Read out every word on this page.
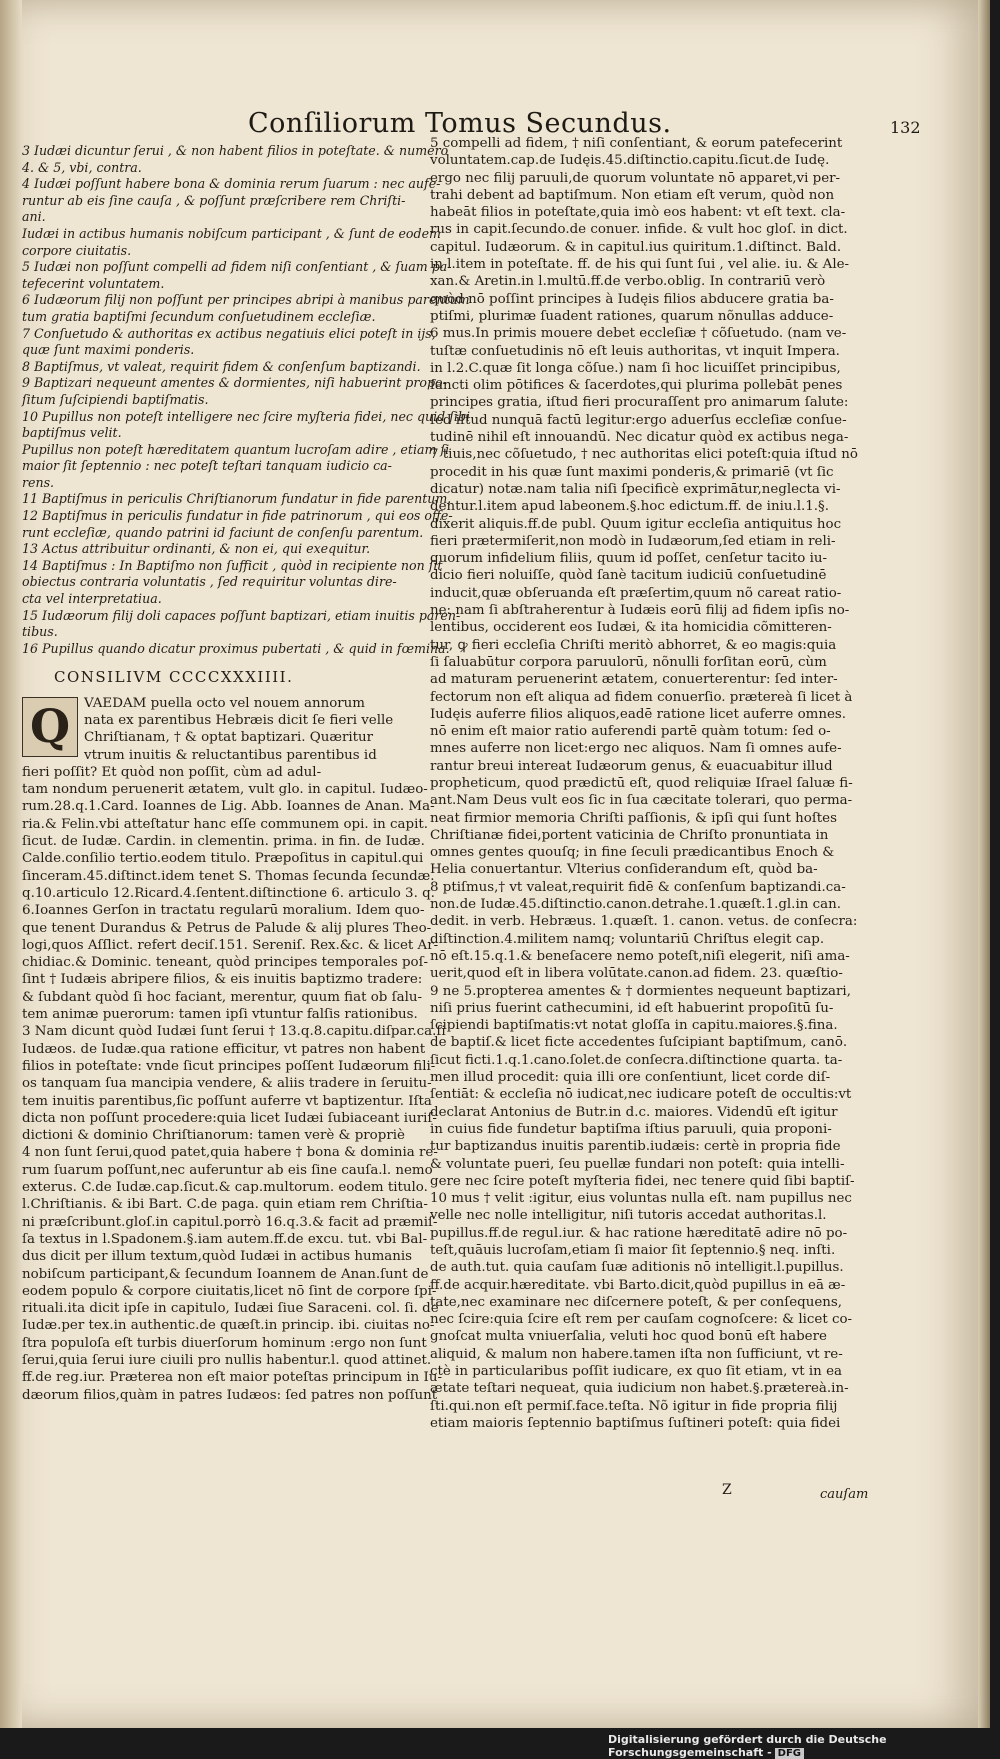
Conſiliorum Tomus Secundus.	132
3 Iudæi dicuntur ſerui , & non habent filios in poteſtate. & numero
4. & 5, vbi, contra.
4 Iudæi poſſunt habere bona & dominia rerum ſuarum : nec aufe-
runtur ab eis ſine cauſa , & poſſunt præſcribere rem Chriſti-
ani.
Iudæi in actibus humanis nobiſcum participant , & ſunt de eodem
corpore ciuitatis.
5 Iudæi non poſſunt compelli ad fidem niſi conſentiant , & ſuam pa-
tefecerint voluntatem.
6 Iudæorum filij non poſſunt per principes abripi à manibus parentum
tum gratia baptiſmi ſecundum conſuetudinem eccleſiæ.
7 Conſuetudo & authoritas ex actibus negatiuis elici poteſt in ijs,
quæ ſunt maximi ponderis.
8 Baptiſmus, vt valeat, requirit fidem & conſenſum baptizandi.
9 Baptizari nequeunt amentes & dormientes, niſi habuerint propo-
ſitum ſuſcipiendi baptiſmatis.
10 Pupillus non poteſt intelligere nec ſcire myſteria fidei, nec quid ſibi
baptiſmus velit.
Pupillus non poteſt hæreditatem quantum lucroſam adire , etiam ſi
maior ſit ſeptennio : nec poteſt teſtari tanquam iudicio ca-
rens.
11 Baptiſmus in periculis Chriſtianorum fundatur in fide parentum.
12 Baptiſmus in periculis fundatur in fide patrinorum , qui eos offe-
runt eccleſiæ, quando patrini id faciunt de conſenſu parentum.
13 Actus attribuitur ordinanti, & non ei, qui exequitur.
14 Baptiſmus : In Baptiſmo non ſufficit , quòd in recipiente non ſit
obiectus contraria voluntatis , ſed requiritur voluntas dire-
cta vel interpretatiua.
15 Iudæorum filij doli capaces poſſunt baptizari, etiam inuitis paren-
tibus.
16 Pupillus quando dicatur proximus pubertati , & quid in fœmina.
CONSILIVM CCCCXXXIIII.
Q	VAEDAM puella octo vel nouem annorum
nata ex parentibus Hebræis dicit ſe fieri velle
Chriſtianam, † & optat baptizari. Quæritur
vtrum inuitis & reluctantibus parentibus id
fieri poſſit? Et quòd non poſſit, cùm ad adul-
tam nondum peruenerit ætatem, vult glo. in capitul. Iudæo-
rum.28.q.1.Card. Ioannes de Lig. Abb. Ioannes de Anan. Ma-
ria.& Felin.vbi atteſtatur hanc eſſe communem opi. in capit.
ſicut. de Iudæ. Cardin. in clementin. prima. in fin. de Iudæ.
Calde.conſilio tertio.eodem titulo. Præpoſitus in capitul.qui
ſinceram.45.diſtinct.idem tenet S. Thomas ſecunda ſecundæ.
q.10.articulo 12.Ricard.4.ſentent.diſtinctione 6. articulo 3. q.
6.Ioannes Gerſon in tractatu regularū moralium. Idem quo-
que tenent Durandus & Petrus de Palude & alij plures Theo-
logi,quos Aſſlict. refert deciſ.151. Sereniſ. Rex.&c. & licet Ar-
chidiac.& Dominic. teneant, quòd principes temporales poſ-
ſint † Iudæis abripere filios, & eis inuitis baptizmo tradere:
& ſubdant quòd ſi hoc faciant, merentur, quum fiat ob ſalu-
tem animæ puerorum: tamen ipſi vtuntur falſis rationibus.
3 Nam dicunt quòd Iudæi ſunt ſerui † 13.q.8.capitu.diſpar.ca.ſi
Iudæos. de Iudæ.qua ratione efficitur, vt patres non habent
filios in poteſtate: vnde ſicut principes poſſent Iudæorum fili-
os tanquam ſua mancipia vendere, & aliis tradere in ſeruitu-
tem inuitis parentibus,ſic poſſunt auferre vt baptizentur. Iſta
dicta non poſſunt procedere:quia licet Iudæi ſubiaceant iuriſ-
dictioni & dominio Chriſtianorum: tamen verè & propriè
4 non ſunt ſerui,quod patet,quia habere † bona & dominia re-
rum ſuarum poſſunt,nec auferuntur ab eis ſine cauſa.l. nemo
exterus. C.de Iudæ.cap.ſicut.& cap.multorum. eodem titulo.
l.Chriſtianis. & ibi Bart. C.de paga. quin etiam rem Chriſtia-
ni præſcribunt.gloſ.in capitul.porrò 16.q.3.& facit ad præmiſ-
ſa textus in l.Spadonem.§.iam autem.ff.de excu. tut. vbi Bal-
dus dicit per illum textum,quòd Iudæi in actibus humanis
nobiſcum participant,& ſecundum Ioannem de Anan.ſunt de
eodem populo & corpore ciuitatis,licet nō ſint de corpore ſpi-
rituali.ita dicit ipſe in capitulo, Iudæi ſiue Saraceni. col. ſi. de
Iudæ.per tex.in authentic.de quæſt.in princip. ibi. ciuitas no-
ſtra populoſa eſt turbis diuerſorum hominum :ergo non ſunt
ſerui,quia ſerui iure ciuili pro nullis habentur.l. quod attinet.
ff.de reg.iur. Præterea non eſt maior poteſtas principum in Iu-
dæorum filios,quàm in patres Iudæos: ſed patres non poſſunt
5 compelli ad fidem, † niſi conſentiant, & eorum patefecerint
voluntatem.cap.de Iudęis.45.diſtinctio.capitu.ſicut.de Iudę.
ergo nec filij paruuli,de quorum voluntate nō apparet,vi per-
trahi debent ad baptiſmum. Non etiam eſt verum, quòd non
habeāt filios in poteſtate,quia imò eos habent: vt eſt text. cla-
rus in capit.ſecundo.de conuer. infide. & vult hoc gloſ. in dict.
capitul. Iudæorum. & in capitul.ius quiritum.1.diſtinct. Bald.
in l.item in poteſtate. ff. de his qui ſunt ſui , vel alie. iu. & Ale-
xan.& Aretin.in l.multū.ff.de verbo.oblig. In contrariū verò
quòd nō poſſint principes à Iudęis filios abducere gratia ba-
ptiſmi, plurimæ ſuadent rationes, quarum nõnullas adduce-
6 mus.In primis mouere debet eccleſiæ † cõſuetudo. (nam ve-
tuſtæ conſuetudinis nō eſt leuis authoritas, vt inquit Impera.
in l.2.C.quæ ſit longa cõſue.) nam ſi hoc licuiſſet principibus,
ſancti olim pōtifices & ſacerdotes,qui plurima pollebāt penes
principes gratia, iſtud fieri procuraſſent pro animarum ſalute:
ſed iſtud nunquā factū legitur:ergo aduerſus eccleſiæ conſue-
tudinē nihil eſt innouandū. Nec dicatur quòd ex actibus nega-
7 tiuis,nec cõſuetudo, † nec authoritas elici poteſt:quia iſtud nō
procedit in his quæ ſunt maximi ponderis,& primariē (vt ſic
dicatur) notæ.nam talia niſi ſpecificè exprimātur,neglecta vi-
dentur.l.item apud labeonem.§.hoc edictum.ff. de iniu.l.1.§.
dixerit aliquis.ff.de publ. Quum igitur eccleſia antiquitus hoc
fieri prætermiſerit,non modò in Iudæorum,ſed etiam in reli-
quorum infidelium filiis, quum id poſſet, cenſetur tacito iu-
dicio fieri noluiſſe, quòd ſanè tacitum iudiciū conſuetudinē
inducit,quæ obſeruanda eſt præſertim,quum nõ careat ratio-
ne: nam ſi abſtraherentur à Iudæis eorū filij ad fidem ipſis no-
lentibus, occiderent eos Iudæi, & ita homicidia cõmitteren-
tur, ꝙ fieri eccleſia Chriſti meritò abhorret, & eo magis:quia
ſi ſaluabūtur corpora paruulorū, nõnulli forſitan eorū, cùm
ad maturam peruenerint ætatem, conuerterentur: ſed inter-
fectorum non eſt aliqua ad fidem conuerſio. prætereà ſi licet à
Iudęis auferre filios aliquos,eadē ratione licet auferre omnes.
nō enim eſt maior ratio auferendi partē quàm totum: ſed o-
mnes auferre non licet:ergo nec aliquos. Nam ſi omnes aufe-
rantur breui intereat Iudæorum genus, & euacuabitur illud
propheticum, quod prædictū eſt, quod reliquiæ Iſrael ſaluæ fi-
ant.Nam Deus vult eos ſic in ſua cæcitate tolerari, quo perma-
neat firmior memoria Chriſti paſſionis, & ipſi qui ſunt hoſtes
Chriſtianæ fidei,portent vaticinia de Chriſto pronuntiata in
omnes gentes quouſq; in fine ſeculi prædicantibus Enoch &
Helia conuertantur. Vlterius conſiderandum eſt, quòd ba-
8 ptiſmus,† vt valeat,requirit fidē & conſenſum baptizandi.ca-
non.de Iudæ.45.diſtinctio.canon.detrahe.1.quæſt.1.gl.in can.
dedit. in verb. Hebræus. 1.quæſt. 1. canon. vetus. de conſecra:
diſtinction.4.militem namq; voluntariū Chriſtus elegit cap.
nō eſt.15.q.1.& beneſacere nemo poteſt,niſi elegerit, niſi ama-
uerit,quod eſt in libera volūtate.canon.ad fidem. 23. quæſtio-
9 ne 5.propterea amentes & † dormientes nequeunt baptizari,
niſi prius fuerint cathecumini, id eſt habuerint propoſitū ſu-
ſcipiendi baptiſmatis:vt notat gloſſa in capitu.maiores.§.fina.
de baptiſ.& licet ficte accedentes ſuſcipiant baptiſmum, canō.
ſicut ficti.1.q.1.cano.ſolet.de conſecra.diſtinctione quarta. ta-
men illud procedit: quia illi ore conſentiunt, licet corde diſ-
ſentiāt: & eccleſia nō iudicat,nec iudicare poteſt de occultis:vt
declarat Antonius de Butr.in d.c. maiores. Videndū eſt igitur
in cuius fide fundetur baptiſma iſtius paruuli, quia proponi-
tur baptizandus inuitis parentib.iudæis: certè in propria fide
& voluntate pueri, ſeu puellæ fundari non poteſt: quia intelli-
gere nec ſcire poteſt myſteria fidei, nec tenere quid ſibi baptiſ-
10 mus † velit :igitur, eius voluntas nulla eſt. nam pupillus nec
velle nec nolle intelligitur, niſi tutoris accedat authoritas.l.
pupillus.ff.de regul.iur. & hac ratione hæreditatē adire nō po-
teſt,quāuis lucroſam,etiam ſi maior ſit ſeptennio.§ neq. inſti.
de auth.tut. quia cauſam ſuæ aditionis nō intelligit.l.pupillus.
ff.de acquir.hæreditate. vbi Barto.dicit,quòd pupillus in eā æ-
tate,nec examinare nec diſcernere poteſt, & per conſequens,
nec ſcire:quia ſcire eſt rem per cauſam cognoſcere: & licet co-
gnoſcat multa vniuerſalia, veluti hoc quod bonū eſt habere
aliquid, & malum non habere.tamen iſta non ſufficiunt, vt re-
ctè in particularibus poſſit iudicare, ex quo ſit etiam, vt in ea
ætate teſtari nequeat, quia iudicium non habet.§.prætereà.in-
ſti.qui.non eſt permiſ.face.teſta. Nõ igitur in fide propria filij
etiam maioris ſeptennio baptiſmus ſuſtineri poteſt: quia fidei
Z	cauſam
Digitalisierung gefördert durch die Deutsche Forschungsgemeinschaft - DFG
